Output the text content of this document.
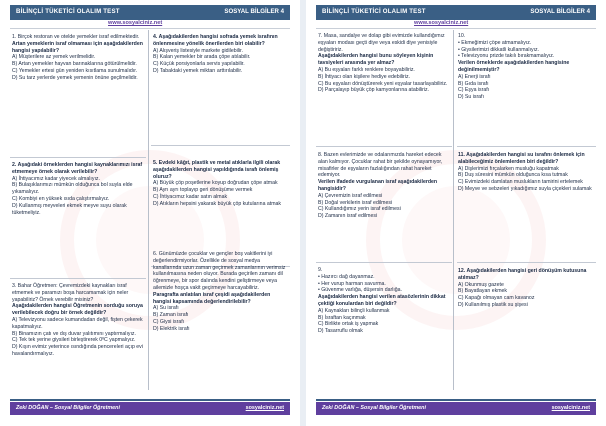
BİLİNÇLİ TÜKETİCİ OLALIM TEST	SOSYAL BİLGİLER 4
www.sosyalciniz.net
1. Birçok restoran ve otelde yemekler israf edilmektedir.
Artan yemeklerin israf olmaması için aşağıdakilerden hangisi yapılabilir?
A) Müşterilere az yemek verilmelidir.
B) Artan yemekler hayvan barınaklarına götürülmelidir.
C) Yemekler ertesi gün yeniden kısıtlama sunulmalıdır.
D) Su tarz yerlerde yemek yemenin önüne geçilmelidir.
2. Aşağıdaki örneklerden hangisi kaynaklarımızı israf etmemeye örnek olarak verilebilir?
A) İhtiyacımız kadar yiyecek almalıyız.
B) Bulaşıklarımızı mümkün olduğunca bol suyla elde yıkamalıyız.
C) Kombiyi en yüksek ısıda çalıştırmalıyız.
D) Kullanmış meyveleri ekmek meyve suyu olarak tüketmeliyiz.
3. Bahar Öğretmen: Çevremizdeki kaynakları israf etmemek ve paramızı boşa harcamamak için neler yapabiliriz? Örnek verebilir misiniz?
Aşağıdakilerden hangisi Öğretmenin sorduğu soruya verilebilecek doğru bir örnek değildir?
A) Televizyonu sadece kumandadan değil, fişten çekerek kapatmalıyız.
B) Binamızın çatı ve dış duvar yalıtımını yaptırmalıyız.
C) Tek tek yerine giysileri birleştirerek 0ºC yapmalıyız.
D) Kışın evimiz yeterince ısındığında pencereleri açıp evi havalandırmalıyız.
4. Aşağıdakilerden hangisi sofrada yemek israfının önlenmesine yönelik önerilerden biri olabilir?
A) Alışveriş listesiyle markete gidilebilir.
B) Kalan yemekler bir arada çöpe atılabilir.
C) Küçük porsiyonlarla servis yapılabilir.
D) Tabaktaki yemek miktarı arttırılabilir.
5. Evdeki kâğıt, plastik ve metal atıklarla ilgili olarak aşağıdakilerden hangisi yapıldığında israfı önlemiş oluruz?
A) Büyük çöp poşetlerine koyup doğrudan çöpe atmak
B) Ayrı ayrı toplayıp geri dönüşüme vermek
C) İhtiyacımız kadar satın almak
D) Atıkların hepsini yakarak büyük çöp kutularına atmak
6. Günümüzde çocuklar ve gençler boş vakitlerini iyi değerlendirmiyorlar. Özellikle de sosyal medya kanallarında uzun zaman geçirmek zamanlarının verimsiz kullanılmasına neden oluyor. Burada geçirilen zamanı dil öğrenmeye, bir spor dalında kendini geliştirmeye veya ailemizle hoşça vakit geçirmeye harcayabiliriz.
Paragrafta anlatılan israf çeşidi aşağıdakilerden hangisi kapsamında değerlendirilebilir?
A) Su israfı
B) Zaman israfı
C) Giysi israfı
D) Elektrik israfı
Zeki DOĞAN – Sosyal Bilgiler Öğretmeni	sosyalciniz.net
BİLİNÇLİ TÜKETİCİ OLALIM TEST	SOSYAL BİLGİLER 4
www.sosyalciniz.net
7. Masa, sandalye ve dolap gibi evimizde kullandığımız eşyaları modası geçti diye veya eskidi diye yenisiyle değiştiririz.
Aşağıdakilerden hangisi bunu söyleyen kişinin tavsiyeleri arasında yer almaz?
A) Bu eşyaları farklı renklere boyayabiliriz.
B) İhtiyacı olan kişilere hediye edebiliriz.
C) Bu eşyaları dönüştürerek yeni eşyalar tasarlayabiliriz.
D) Parçalayıp büyük çöp kamyonlarına atabiliriz.
8. Bazen evlerimizde ve odalarımızda hareket edecek alan kalmıyor. Çocuklar rahat bir şekilde oynayamıyor, misafirler de eşyaların fazlalığından rahat hareket edemiyor.
Verilen ifadede vurgulanan israf aşağıdakilerden hangisidir?
A) Çevremizin israf edilmesi
B) Doğal verkilerin israf edilmesi
C) Kullandığımız yerin israf edilmesi
D) Zamanın israf edilmesi
9.
• Hazırcı dağ dayanmaz.
• Her vurup harman savurma.
• Güvenme varlığa, düşersin darlığa.
Aşağıdakilerden hangisi verilen atasözlerinin dikkat çektiği konulardan biri değildir?
A) Kaynakları bilinçli kullanmak
B) İsraftan kaçınmak
C) Birlikte ortak iş yapmak
D) Tasarruflu olmak
10.
• Ekmeğimizi çöpe atmamalıyız.
• Giysilerimizi dikkatli kullanmalıyız.
• Televizyonu prizde takılı bırakmamalıyız.
Verilen örneklerde aşağıdakilerden hangisine değinilmemiştir?
A) Enerji israfı
B) Gıda israfı
C) Eşya israfı
D) Su israfı
11. Aşağıdakilerden hangisi su israfını önlemek için alabileceğimiz önlemlerden biri değildir?
A) Dişlerimizi fırçalarken musluğu kapatmak
B) Duş süresini mümkün olduğunca kısa tutmak
C) Evimizdeki damlatan muslukların tamirini ertelemek
D) Meyve ve sebzeleri yıkadığımız suyla çiçekleri sulamak
12. Aşağıdakilerden hangisi geri dönüşüm kutusuna atılmaz?
A) Okunmuş gazete
B) Bayatlayan ekmek
C) Kapağı olmayan cam kavanoz
D) Kullanılmış plastik su şişesi
Zeki DOĞAN – Sosyal Bilgiler Öğretmeni	sosyalciniz.net
